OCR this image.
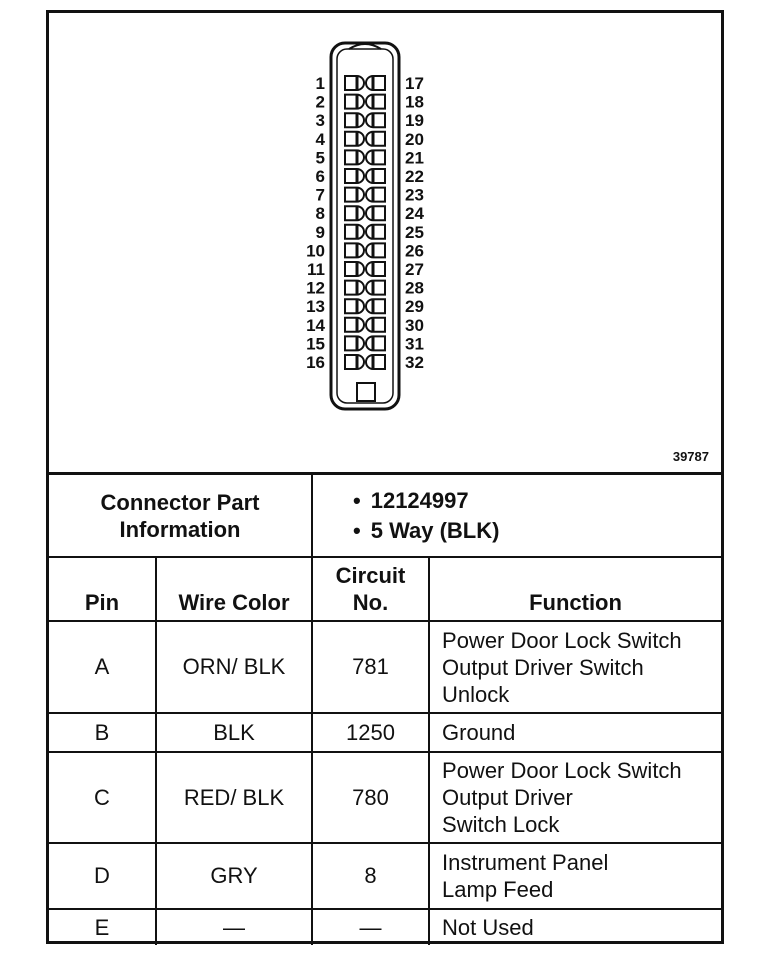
1	17
2	18
3	19
4	20
5	21
6	22
7	23
8	24
9	25
10	26
11	27
12	28
13	29
14	30
15	31
16	32
39787
Connector Part Information		• 12124997
• 5 Way (BLK)

Pin	Wire Color	Circuit No.	Function
A	ORN/ BLK	781	Power Door Lock Switch
Output Driver Switch
Unlock

B	BLK	1250	Ground

C	RED/ BLK	780	Power Door Lock Switch
Output Driver
Switch Lock

D	GRY	8	Instrument Panel
Lamp Feed

E	—	—	Not Used
